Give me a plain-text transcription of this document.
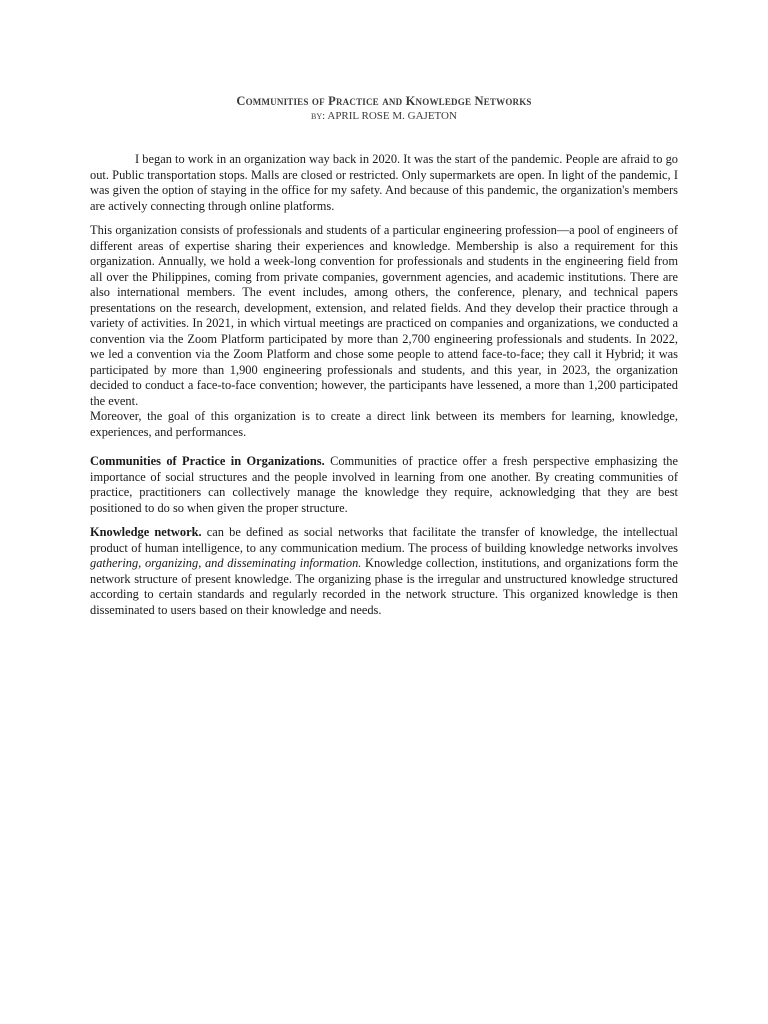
Communities of Practice and Knowledge Networks
by: APRIL ROSE M. GAJETON

I began to work in an organization way back in 2020. It was the start of the pandemic. People are afraid to go out. Public transportation stops. Malls are closed or restricted. Only supermarkets are open. In light of the pandemic, I was given the option of staying in the office for my safety. And because of this pandemic, the organization's members are actively connecting through online platforms.

This organization consists of professionals and students of a particular engineering profession—a pool of engineers of different areas of expertise sharing their experiences and knowledge. Membership is also a requirement for this organization. Annually, we hold a week-long convention for professionals and students in the engineering field from all over the Philippines, coming from private companies, government agencies, and academic institutions. There are also international members. The event includes, among others, the conference, plenary, and technical papers presentations on the research, development, extension, and related fields. And they develop their practice through a variety of activities. In 2021, in which virtual meetings are practiced on companies and organizations, we conducted a convention via the Zoom Platform participated by more than 2,700 engineering professionals and students. In 2022, we led a convention via the Zoom Platform and chose some people to attend face-to-face; they call it Hybrid; it was participated by more than 1,900 engineering professionals and students, and this year, in 2023, the organization decided to conduct a face-to-face convention; however, the participants have lessened, a more than 1,200 participated the event.

Moreover, the goal of this organization is to create a direct link between its members for learning, knowledge, experiences, and performances.

Communities of Practice in Organizations. Communities of practice offer a fresh perspective emphasizing the importance of social structures and the people involved in learning from one another. By creating communities of practice, practitioners can collectively manage the knowledge they require, acknowledging that they are best positioned to do so when given the proper structure.

Knowledge network. can be defined as social networks that facilitate the transfer of knowledge, the intellectual product of human intelligence, to any communication medium. The process of building knowledge networks involves gathering, organizing, and disseminating information. Knowledge collection, institutions, and organizations form the network structure of present knowledge. The organizing phase is the irregular and unstructured knowledge structured according to certain standards and regularly recorded in the network structure. This organized knowledge is then disseminated to users based on their knowledge and needs.
